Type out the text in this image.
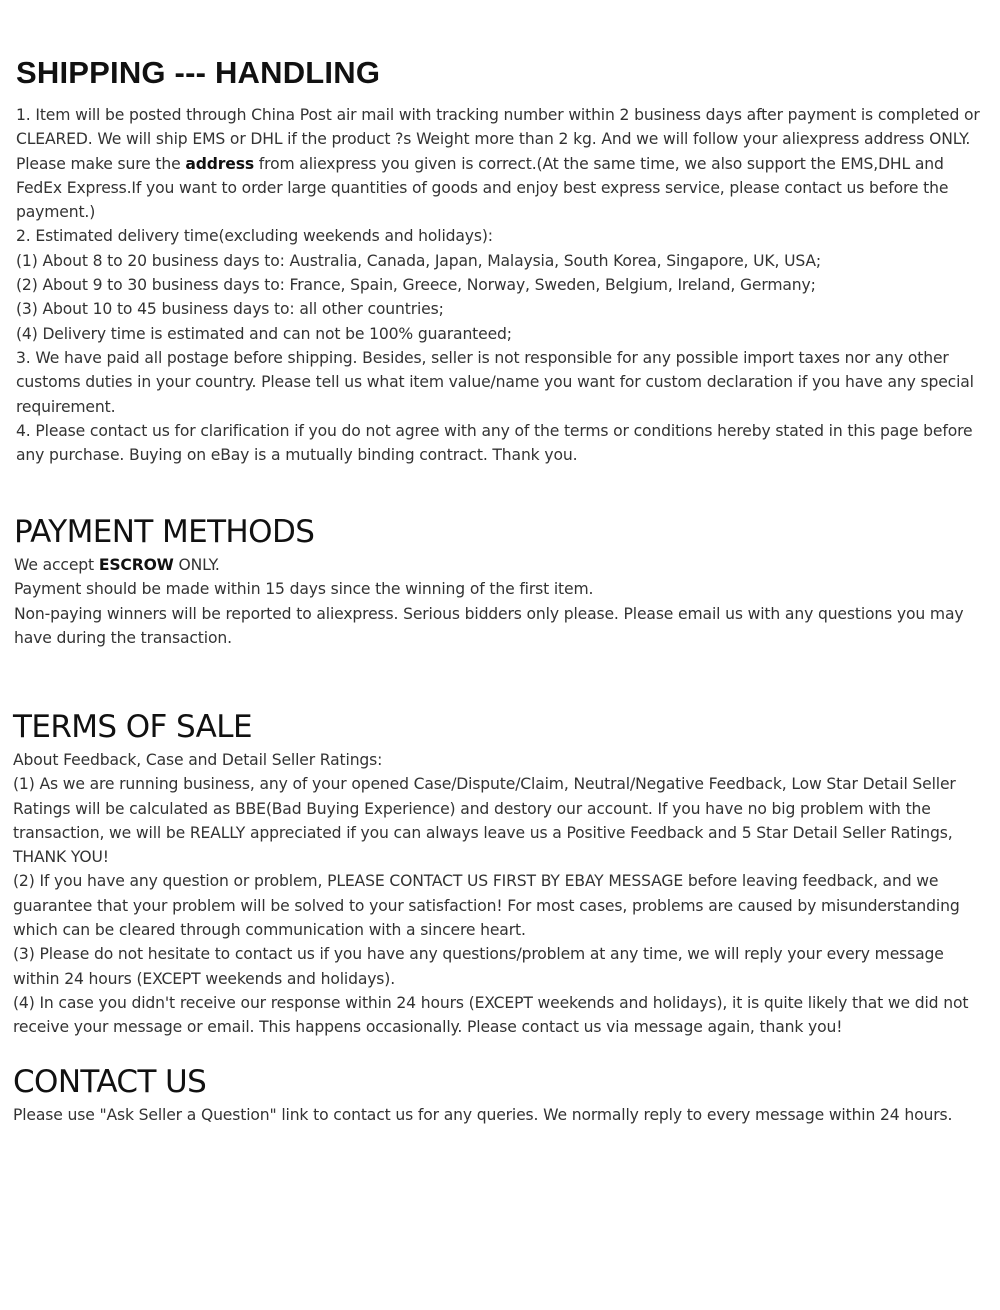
SHIPPING --- HANDLING

1. Item will be posted through China Post air mail with tracking number within 2 business days after payment is completed or CLEARED. We will ship EMS or DHL if the product ?s Weight more than 2 kg. And we will follow your aliexpress address ONLY. Please make sure the address from aliexpress you given is correct.(At the same time, we also support the EMS,DHL and FedEx Express.If you want to order large quantities of goods and enjoy best express service, please contact us before the payment.)

2. Estimated delivery time(excluding weekends and holidays):

(1) About 8 to 20 business days to: Australia, Canada, Japan, Malaysia, South Korea, Singapore, UK, USA;

(2) About 9 to 30 business days to: France, Spain, Greece, Norway, Sweden, Belgium, Ireland, Germany;

(3) About 10 to 45 business days to: all other countries;

(4) Delivery time is estimated and can not be 100% guaranteed;

3. We have paid all postage before shipping. Besides, seller is not responsible for any possible import taxes nor any other customs duties in your country. Please tell us what item value/name you want for custom declaration if you have any special requirement.

4. Please contact us for clarification if you do not agree with any of the terms or conditions hereby stated in this page before any purchase. Buying on eBay is a mutually binding contract. Thank you.

PAYMENT METHODS

We accept ESCROW ONLY.

Payment should be made within 15 days since the winning of the first item.

Non-paying winners will be reported to aliexpress. Serious bidders only please. Please email us with any questions you may have during the transaction.

TERMS OF SALE

About Feedback, Case and Detail Seller Ratings:

(1) As we are running business, any of your opened Case/Dispute/Claim, Neutral/Negative Feedback, Low Star Detail Seller Ratings will be calculated as BBE(Bad Buying Experience) and destory our account. If you have no big problem with the transaction, we will be REALLY appreciated if you can always leave us a Positive Feedback and 5 Star Detail Seller Ratings, THANK YOU!

(2) If you have any question or problem, PLEASE CONTACT US FIRST BY EBAY MESSAGE before leaving feedback, and we guarantee that your problem will be solved to your satisfaction! For most cases, problems are caused by misunderstanding which can be cleared through communication with a sincere heart.

(3) Please do not hesitate to contact us if you have any questions/problem at any time, we will reply your every message within 24 hours (EXCEPT weekends and holidays).

(4) In case you didn't receive our response within 24 hours (EXCEPT weekends and holidays), it is quite likely that we did not receive your message or email. This happens occasionally. Please contact us via message again, thank you!

CONTACT US

Please use "Ask Seller a Question" link to contact us for any queries. We normally reply to every message within 24 hours.
